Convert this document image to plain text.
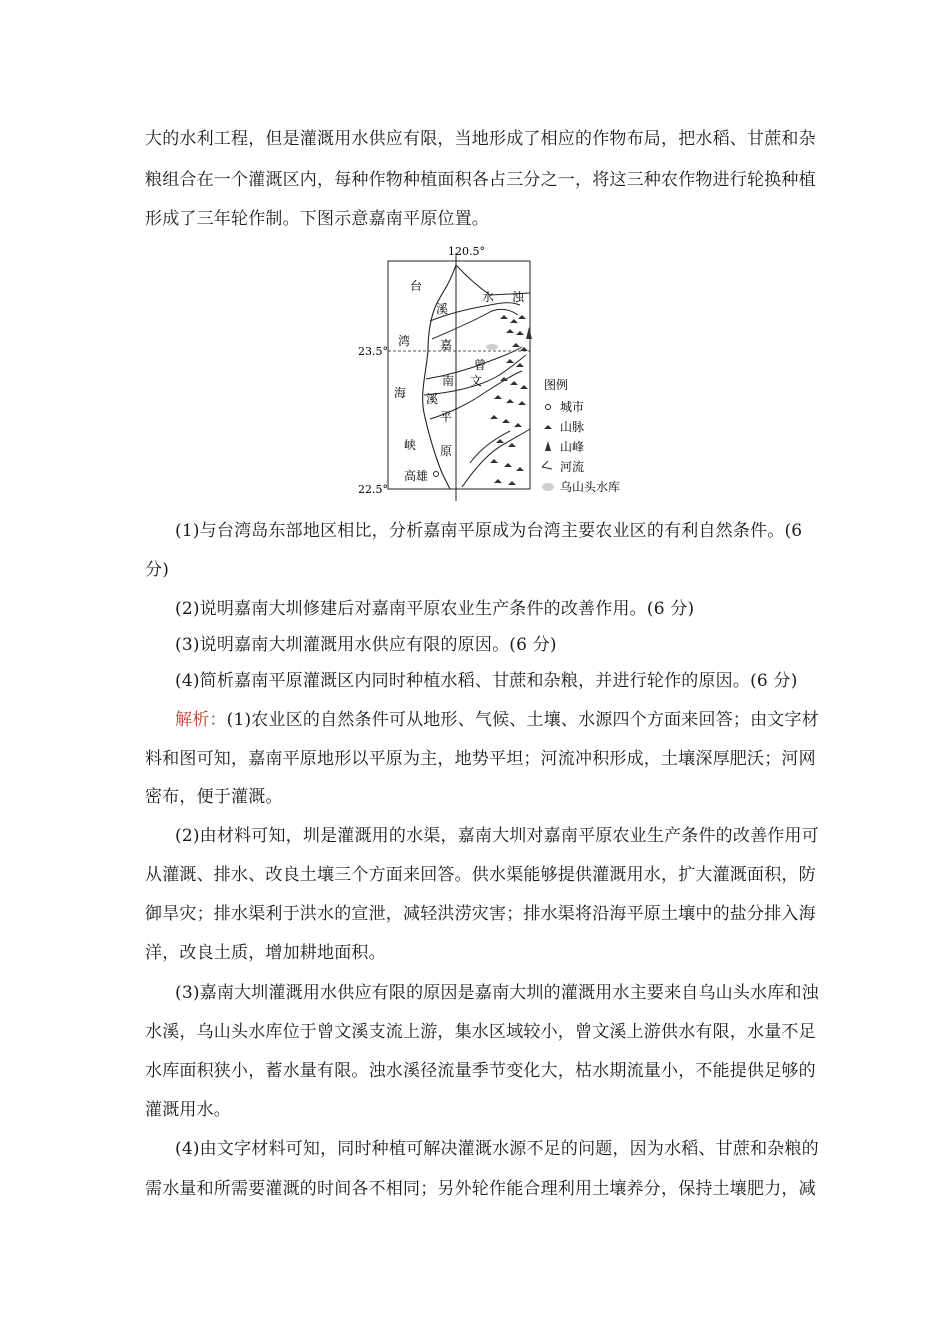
大的水利工程，但是灌溉用水供应有限，当地形成了相应的作物布局，把水稻、甘蔗和杂
粮组合在一个灌溉区内，每种作物种植面积各占三分之一，将这三种农作物进行轮换种植
形成了三年轮作制。下图示意嘉南平原位置。
120.5°
23.5°
22.5°
台
湾
海
峡
溪
嘉
南
平
原
溪
水 浊
曾
文
高雄
图例
城市
山脉
山峰
河流
乌山头水库
(1)与台湾岛东部地区相比，分析嘉南平原成为台湾主要农业区的有利自然条件。(6
分)
(2)说明嘉南大圳修建后对嘉南平原农业生产条件的改善作用。(6 分)
(3)说明嘉南大圳灌溉用水供应有限的原因。(6 分)
(4)简析嘉南平原灌溉区内同时种植水稻、甘蔗和杂粮，并进行轮作的原因。(6 分)
解析：(1)农业区的自然条件可从地形、气候、土壤、水源四个方面来回答；由文字材
料和图可知，嘉南平原地形以平原为主，地势平坦；河流冲积形成，土壤深厚肥沃；河网
密布，便于灌溉。
(2)由材料可知，圳是灌溉用的水渠，嘉南大圳对嘉南平原农业生产条件的改善作用可
从灌溉、排水、改良土壤三个方面来回答。供水渠能够提供灌溉用水，扩大灌溉面积，防
御旱灾；排水渠利于洪水的宣泄，减轻洪涝灾害；排水渠将沿海平原土壤中的盐分排入海
洋，改良土质，增加耕地面积。
(3)嘉南大圳灌溉用水供应有限的原因是嘉南大圳的灌溉用水主要来自乌山头水库和浊
水溪，乌山头水库位于曾文溪支流上游，集水区域较小，曾文溪上游供水有限，水量不足
水库面积狭小，蓄水量有限。浊水溪径流量季节变化大，枯水期流量小，不能提供足够的
灌溉用水。
(4)由文字材料可知，同时种植可解决灌溉水源不足的问题，因为水稻、甘蔗和杂粮的
需水量和所需要灌溉的时间各不相同；另外轮作能合理利用土壤养分，保持土壤肥力，减
